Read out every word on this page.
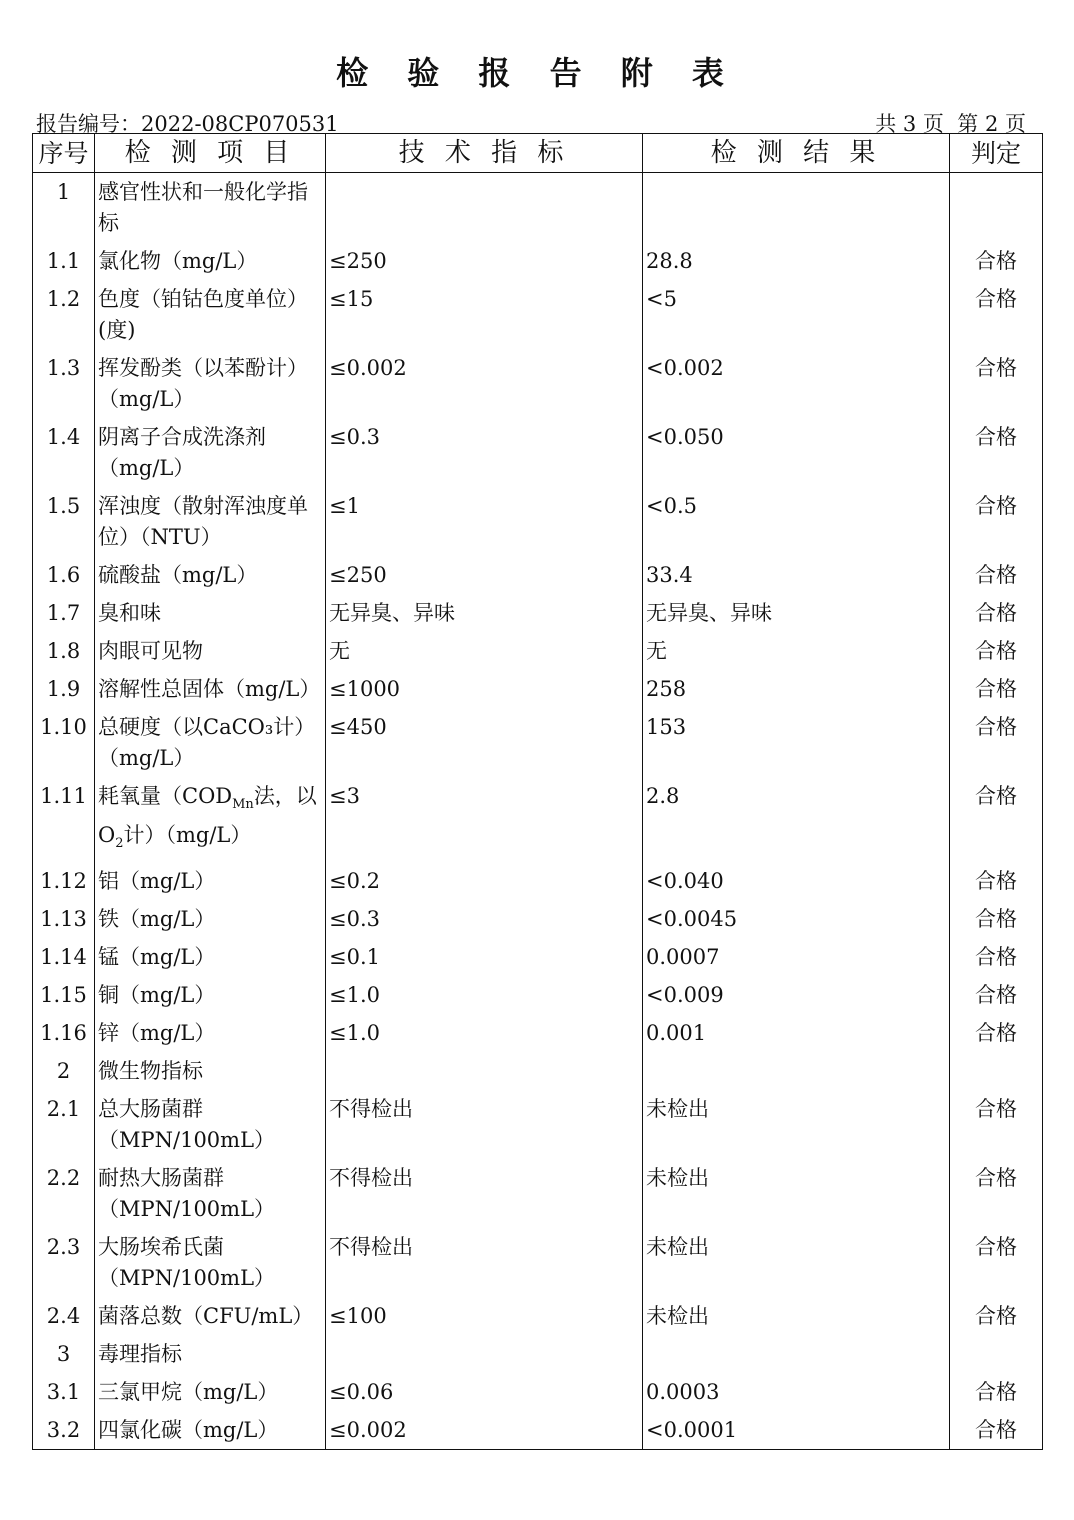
检 验 报 告 附 表
报告编号：2022-08CP070531	共 3 页  第 2 页
序号	检 测 项 目	技 术 指 标	检 测 结 果	判定
1	感官性状和一般化学指标			
1.1	氯化物（mg/L）	≤250	28.8	合格
1.2	色度（铂钴色度单位）(度)	≤15	<5	合格
1.3	挥发酚类（以苯酚计）（mg/L）	≤0.002	<0.002	合格
1.4	阴离子合成洗涤剂（mg/L）	≤0.3	<0.050	合格
1.5	浑浊度（散射浑浊度单位）（NTU）	≤1	<0.5	合格
1.6	硫酸盐（mg/L）	≤250	33.4	合格
1.7	臭和味	无异臭、异味	无异臭、异味	合格
1.8	肉眼可见物	无	无	合格
1.9	溶解性总固体（mg/L）	≤1000	258	合格
1.10	总硬度（以CaCO₃计）（mg/L）	≤450	153	合格
1.11	耗氧量（$COD_{Mn}$法，以$O_2$计）（mg/L）	≤3	2.8	合格
1.12	铝（mg/L）	≤0.2	<0.040	合格
1.13	铁（mg/L）	≤0.3	<0.0045	合格
1.14	锰（mg/L）	≤0.1	0.0007	合格
1.15	铜（mg/L）	≤1.0	<0.009	合格
1.16	锌（mg/L）	≤1.0	0.001	合格
2	微生物指标			
2.1	总大肠菌群（MPN/100mL）	不得检出	未检出	合格
2.2	耐热大肠菌群（MPN/100mL）	不得检出	未检出	合格
2.3	大肠埃希氏菌（MPN/100mL）	不得检出	未检出	合格
2.4	菌落总数（CFU/mL）	≤100	未检出	合格
3	毒理指标			
3.1	三氯甲烷（mg/L）	≤0.06	0.0003	合格
3.2	四氯化碳（mg/L）	≤0.002	<0.0001	合格
